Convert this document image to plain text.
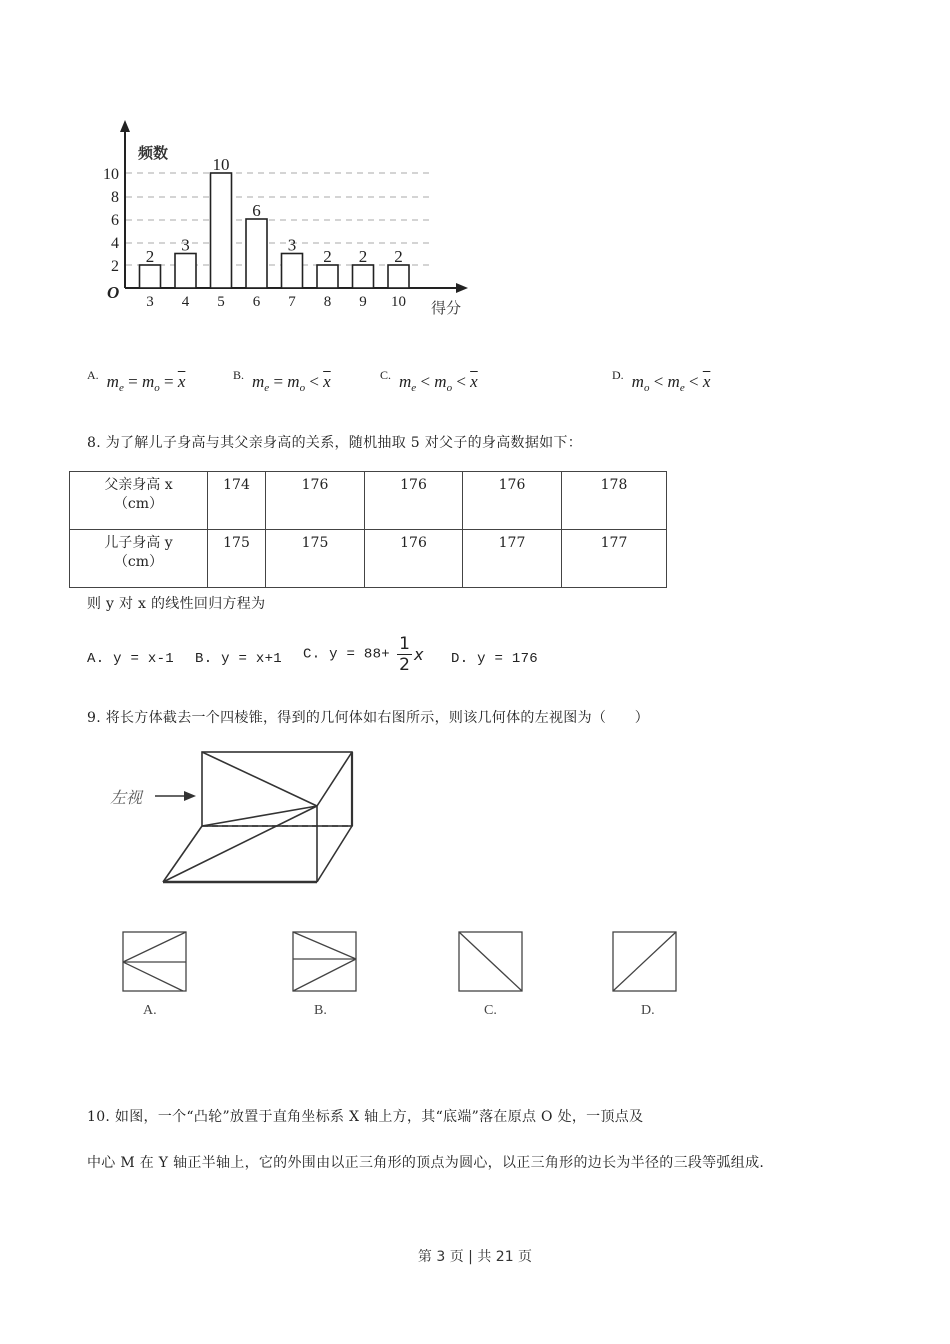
2
3
10
6
3
2 2 2
3 4 5 6 7 8 9 10
2
4
6
8
10
频数
得分
O
$^{A.}$ $m_e = m_o = \overline{x}$	$^{B.}$ $m_e = m_o < \overline{x}$	$^{C.}$ $m_e < m_o < \overline{x}$	$^{D.}$ $m_o < m_e < \overline{x}$
8. 为了解儿子身高与其父亲身高的关系，随机抽取 5 对父子的身高数据如下：
父亲身高 x
（cm）	174	176	176	176	178

儿子身高 y
（cm）	175	175	176	177	177
则 y 对 x 的线性回归方程为
A. y = x-1 B. y = x+1 C. $y = 88+ \frac{1}{2}$ x D. y = 176
9. 将长方体截去一个四棱锥，得到的几何体如右图所示，则该几何体的左视图为（　　）
左视
A.	B.	C.	D.
10. 如图，一个“凸轮”放置于直角坐标系 X 轴上方，其“底端”落在原点 O 处，一顶点及
中心 M 在 Y 轴正半轴上，它的外围由以正三角形的顶点为圆心，以正三角形的边长为半径的三段等弧组成.
第 3 页 | 共 21 页
